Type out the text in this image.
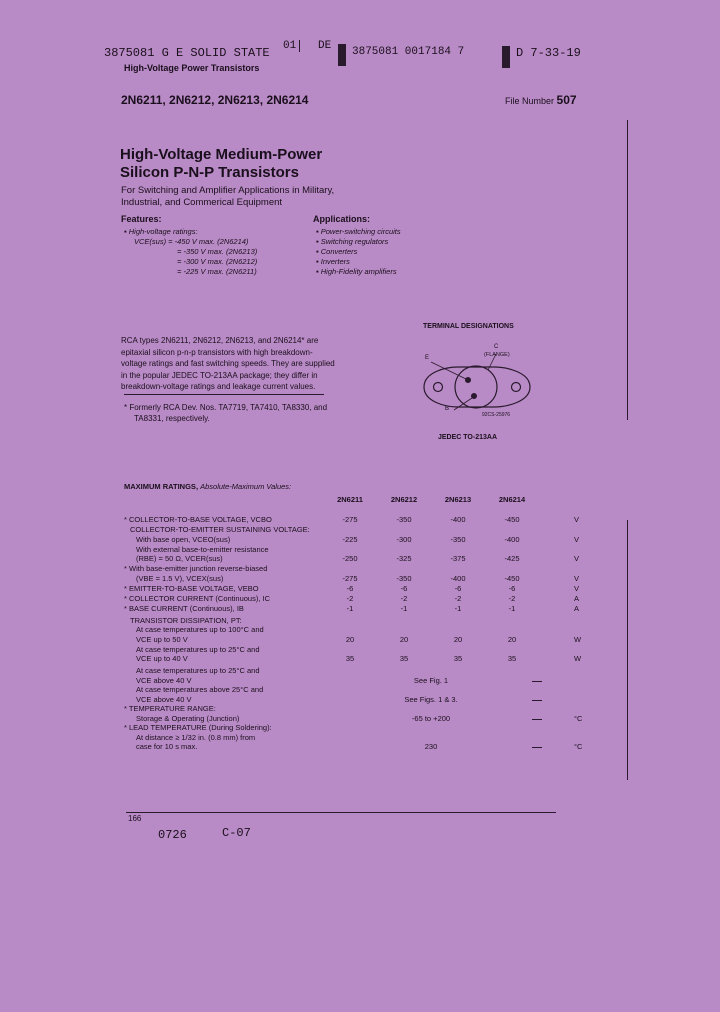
3875081 G E SOLID STATE 01	DE 3875081 0017184 7	D 7-33-19
High-Voltage Power Transistors
2N6211, 2N6212, 2N6213, 2N6214	File Number 507
High-Voltage Medium-Power
Silicon P-N-P Transistors
For Switching and Amplifier Applications in Military,
Industrial, and Commerical Equipment
Features:
▪ High-voltage ratings:
VCE(sus) = -450 V max. (2N6214)
= -350 V max. (2N6213)
= -300 V max. (2N6212)
= -225 V max. (2N6211)
Applications:
▪ Power-switching circuits
▪ Switching regulators
▪ Converters
▪ Inverters
▪ High-Fidelity amplifiers
RCA types 2N6211, 2N6212, 2N6213, and 2N6214* are
epitaxial silicon p-n-p transistors with high breakdown-
voltage ratings and fast switching speeds. They are supplied
in the popular JEDEC TO-213AA package; they differ in
breakdown-voltage ratings and leakage current values.
* Formerly RCA Dev. Nos. TA7719, TA7410, TA8330, and
TA8331, respectively.
TERMINAL DESIGNATIONS
E
C
(FLANGE)
B
92CS-25976
JEDEC TO-213AA
MAXIMUM RATINGS, Absolute-Maximum Values:
2N6211	2N6212	2N6213	2N6214
* COLLECTOR-TO-BASE VOLTAGE, VCBO	-275	-350	-400	-450	V
COLLECTOR-TO-EMITTER SUSTAINING VOLTAGE:
With base open, VCEO(sus)	-225	-300	-350	-400	V
With external base-to-emitter resistance
(RBE) = 50 Ω, VCER(sus)	-250	-325	-375	-425	V
* With base-emitter junction reverse-biased
(VBE = 1.5 V), VCEX(sus)	-275	-350	-400	-450	V
* EMITTER-TO-BASE VOLTAGE, VEBO	-6	-6	-6	-6	V
* COLLECTOR CURRENT (Continuous), IC	-2	-2	-2	-2	A
* BASE CURRENT (Continuous), IB	-1	-1	-1	-1	A
TRANSISTOR DISSIPATION, PT:
At case temperatures up to 100°C and
VCE up to 50 V	20	20	20	20	W
At case temperatures up to 25°C and
VCE up to 40 V	35	35	35	35	W
At case temperatures up to 25°C and
VCE above 40 V	See Fig. 1
At case temperatures above 25°C and
VCE above 40 V	See Figs. 1 & 3.
* TEMPERATURE RANGE:
Storage & Operating (Junction)	-65 to +200	°C
* LEAD TEMPERATURE (During Soldering):
At distance ≥ 1/32 in. (0.8 mm) from
case for 10 s max.	230	°C
166
0726	C-07
